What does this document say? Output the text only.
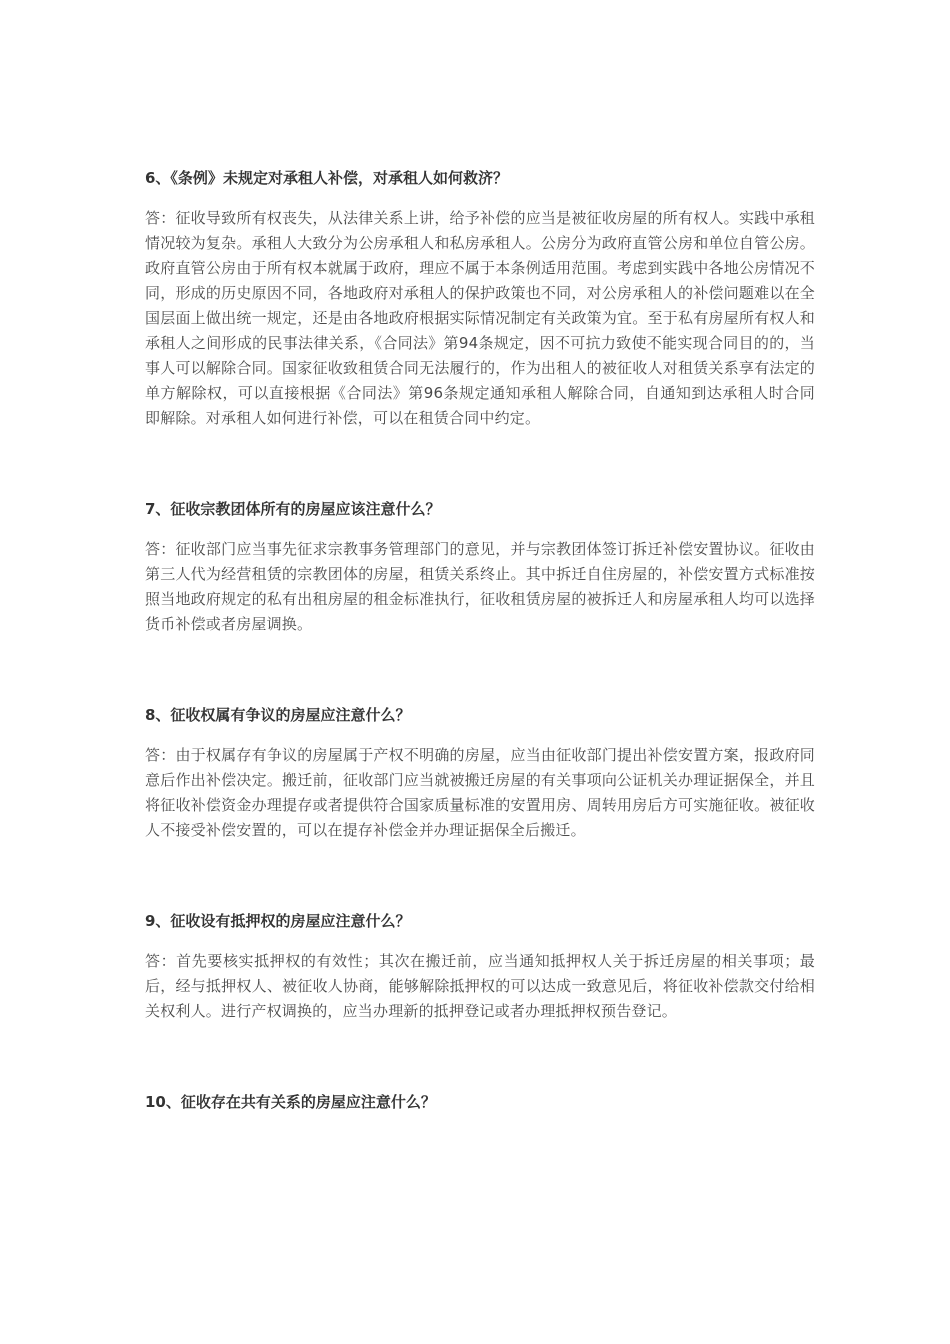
6、《条例》未规定对承租人补偿，对承租人如何救济？

答：征收导致所有权丧失，从法律关系上讲，给予补偿的应当是被征收房屋的所有权人。实践中承租情况较为复杂。承租人大致分为公房承租人和私房承租人。公房分为政府直管公房和单位自管公房。政府直管公房由于所有权本就属于政府，理应不属于本条例适用范围。考虑到实践中各地公房情况不同，形成的历史原因不同，各地政府对承租人的保护政策也不同，对公房承租人的补偿问题难以在全国层面上做出统一规定，还是由各地政府根据实际情况制定有关政策为宜。至于私有房屋所有权人和承租人之间形成的民事法律关系，《合同法》第94条规定，因不可抗力致使不能实现合同目的的，当事人可以解除合同。国家征收致租赁合同无法履行的，作为出租人的被征收人对租赁关系享有法定的单方解除权，可以直接根据《合同法》第96条规定通知承租人解除合同，自通知到达承租人时合同即解除。对承租人如何进行补偿，可以在租赁合同中约定。

7、征收宗教团体所有的房屋应该注意什么？

答：征收部门应当事先征求宗教事务管理部门的意见，并与宗教团体签订拆迁补偿安置协议。征收由第三人代为经营租赁的宗教团体的房屋，租赁关系终止。其中拆迁自住房屋的，补偿安置方式标准按照当地政府规定的私有出租房屋的租金标准执行，征收租赁房屋的被拆迁人和房屋承租人均可以选择货币补偿或者房屋调换。

8、征收权属有争议的房屋应注意什么？

答：由于权属存有争议的房屋属于产权不明确的房屋，应当由征收部门提出补偿安置方案，报政府同意后作出补偿决定。搬迁前，征收部门应当就被搬迁房屋的有关事项向公证机关办理证据保全，并且将征收补偿资金办理提存或者提供符合国家质量标准的安置用房、周转用房后方可实施征收。被征收人不接受补偿安置的，可以在提存补偿金并办理证据保全后搬迁。

9、征收设有抵押权的房屋应注意什么？

答：首先要核实抵押权的有效性；其次在搬迁前，应当通知抵押权人关于拆迁房屋的相关事项；最后，经与抵押权人、被征收人协商，能够解除抵押权的可以达成一致意见后，将征收补偿款交付给相关权利人。进行产权调换的，应当办理新的抵押登记或者办理抵押权预告登记。

10、征收存在共有关系的房屋应注意什么？
